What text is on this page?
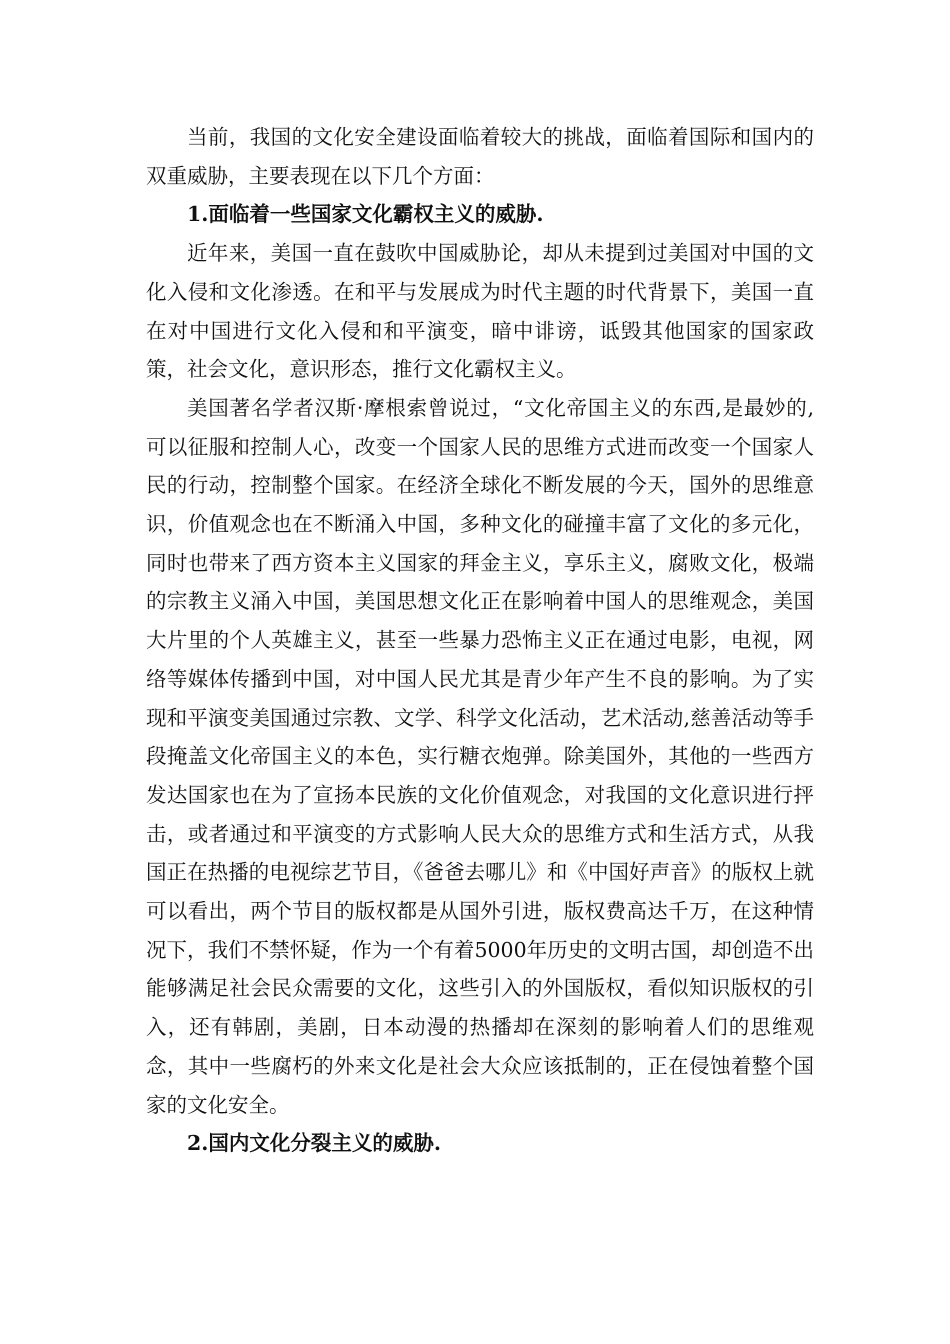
当前，我国的文化安全建设面临着较大的挑战，面临着国际和国内的双重威胁，主要表现在以下几个方面：

1.面临着一些国家文化霸权主义的威胁.

近年来，美国一直在鼓吹中国威胁论，却从未提到过美国对中国的文化入侵和文化渗透。在和平与发展成为时代主题的时代背景下，美国一直在对中国进行文化入侵和和平演变，暗中诽谤，诋毁其他国家的国家政策，社会文化，意识形态，推行文化霸权主义。

美国著名学者汉斯·摩根索曾说过，“文化帝国主义的东西,是最妙的, 可以征服和控制人心，改变一个国家人民的思维方式进而改变一个国家人民的行动，控制整个国家。在经济全球化不断发展的今天，国外的思维意识，价值观念也在不断涌入中国，多种文化的碰撞丰富了文化的多元化，同时也带来了西方资本主义国家的拜金主义，享乐主义，腐败文化，极端的宗教主义涌入中国，美国思想文化正在影响着中国人的思维观念，美国大片里的个人英雄主义，甚至一些暴力恐怖主义正在通过电影，电视，网络等媒体传播到中国，对中国人民尤其是青少年产生不良的影响。为了实现和平演变美国通过宗教、文学、科学文化活动，艺术活动,慈善活动等手段掩盖文化帝国主义的本色，实行糖衣炮弹。除美国外，其他的一些西方发达国家也在为了宣扬本民族的文化价值观念，对我国的文化意识进行抨击，或者通过和平演变的方式影响人民大众的思维方式和生活方式，从我国正在热播的电视综艺节目，《爸爸去哪儿》和《中国好声音》的版权上就可以看出，两个节目的版权都是从国外引进，版权费高达千万，在这种情况下，我们不禁怀疑，作为一个有着5000年历史的文明古国，却创造不出能够满足社会民众需要的文化，这些引入的外国版权，看似知识版权的引入，还有韩剧，美剧，日本动漫的热播却在深刻的影响着人们的思维观念，其中一些腐朽的外来文化是社会大众应该抵制的，正在侵蚀着整个国家的文化安全。

2.国内文化分裂主义的威胁.
